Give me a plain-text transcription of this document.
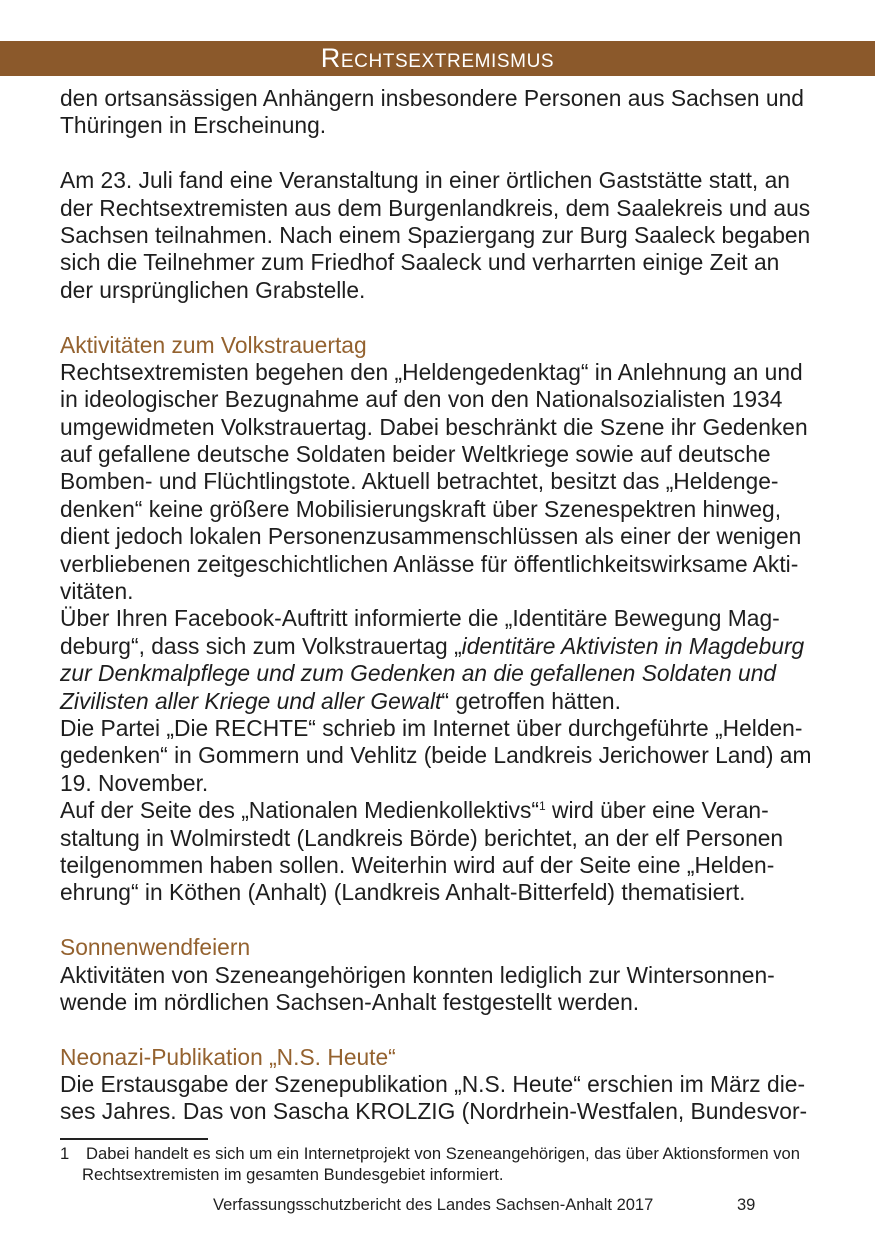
Rechtsextremismus
den ortsansässigen Anhängern insbesondere Personen aus Sachsen und
Thüringen in Erscheinung.
Am 23. Juli fand eine Veranstaltung in einer örtlichen Gaststätte statt, an
der Rechtsextremisten aus dem Burgenlandkreis, dem Saalekreis und aus
Sachsen teilnahmen. Nach einem Spaziergang zur Burg Saaleck begaben
sich die Teilnehmer zum Friedhof Saaleck und verharrten einige Zeit an
der ursprünglichen Grabstelle.
Aktivitäten zum Volkstrauertag
Rechtsextremisten begehen den „Heldengedenktag“ in Anlehnung an und
in ideologischer Bezugnahme auf den von den Nationalsozialisten 1934
umgewidmeten Volkstrauertag. Dabei beschränkt die Szene ihr Gedenken
auf gefallene deutsche Soldaten beider Weltkriege sowie auf deutsche
Bomben- und Flüchtlingstote. Aktuell betrachtet, besitzt das „Heldenge-
denken“ keine größere Mobilisierungskraft über Szenespektren hinweg,
dient jedoch lokalen Personenzusammenschlüssen als einer der wenigen
verbliebenen zeitgeschichtlichen Anlässe für öffentlichkeitswirksame Akti-
vitäten.
Über Ihren Facebook-Auftritt informierte die „Identitäre Bewegung Mag-
deburg“, dass sich zum Volkstrauertag „identitäre Aktivisten in Magdeburg
zur Denkmalpflege und zum Gedenken an die gefallenen Soldaten und
Zivilisten aller Kriege und aller Gewalt“ getroffen hätten.
Die Partei „Die RECHTE“ schrieb im Internet über durchgeführte „Helden-
gedenken“ in Gommern und Vehlitz (beide Landkreis Jerichower Land) am
19. November.
Auf der Seite des „Nationalen Medienkollektivs“$^1$ wird über eine Veran-
staltung in Wolmirstedt (Landkreis Börde) berichtet, an der elf Personen
teilgenommen haben sollen. Weiterhin wird auf der Seite eine „Helden-
ehrung“ in Köthen (Anhalt) (Landkreis Anhalt-Bitterfeld) thematisiert.
Sonnenwendfeiern
Aktivitäten von Szeneangehörigen konnten lediglich zur Wintersonnen-
wende im nördlichen Sachsen-Anhalt festgestellt werden.
Neonazi-Publikation „N.S. Heute“
Die Erstausgabe der Szenepublikation „N.S. Heute“ erschien im März die-
ses Jahres. Das von Sascha KROLZIG (Nordrhein-Westfalen, Bundesvor-
1 Dabei handelt es sich um ein Internetprojekt von Szeneangehörigen, das über Aktionsformen von
Rechtsextremisten im gesamten Bundesgebiet informiert.
Verfassungsschutzbericht des Landes Sachsen-Anhalt 2017	39
